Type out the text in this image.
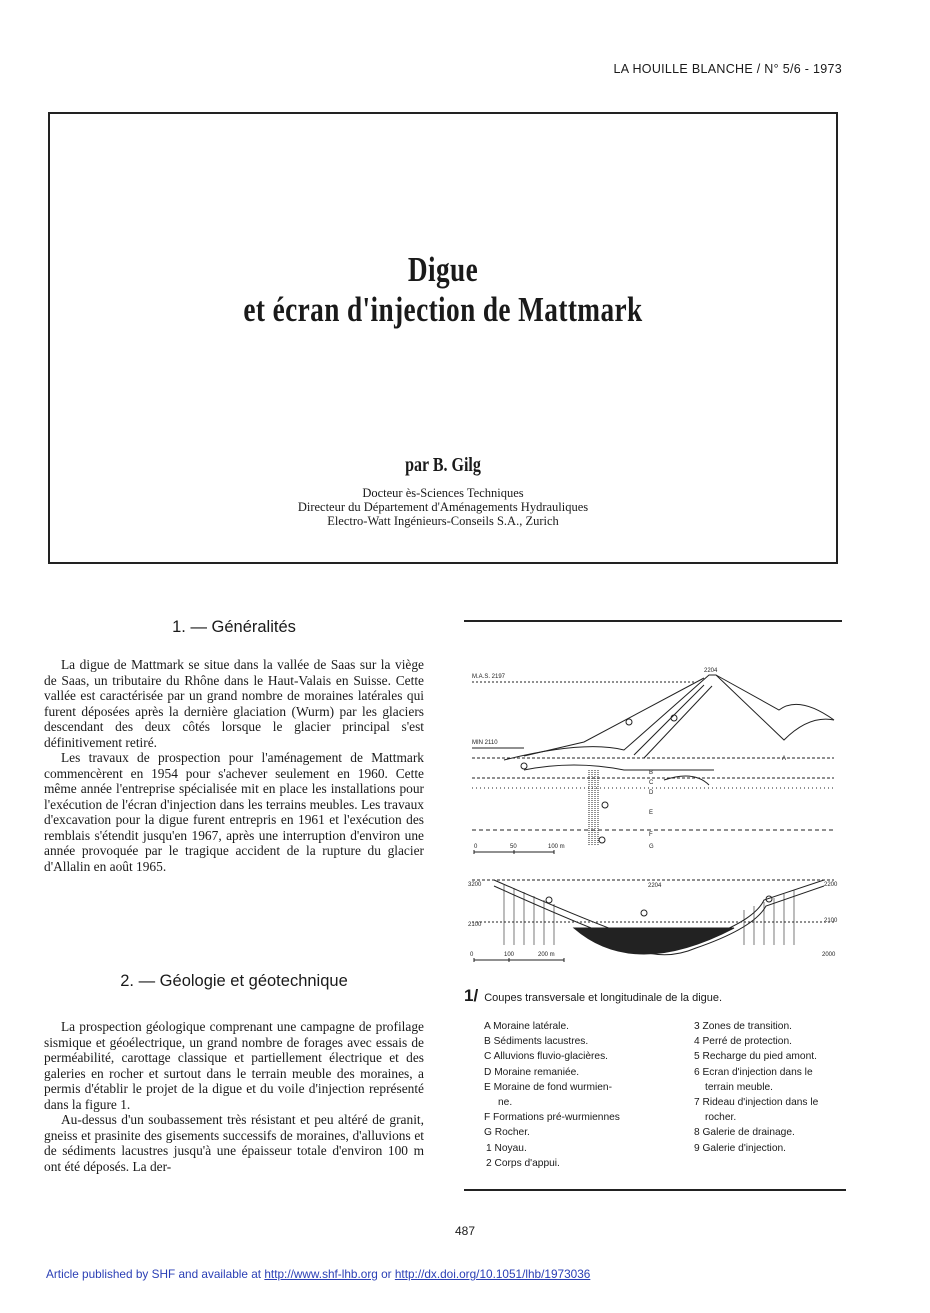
LA HOUILLE BLANCHE / N° 5/6 - 1973
Digue
et écran d'injection de Mattmark
par B. Gilg
Docteur ès-Sciences Techniques
Directeur du Département d'Aménagements Hydrauliques
Electro-Watt Ingénieurs-Conseils S.A., Zurich
1. — Généralités

La digue de Mattmark se situe dans la vallée de Saas sur la viège de Saas, un tributaire du Rhône dans le Haut-Valais en Suisse. Cette vallée est caractérisée par un grand nombre de moraines latérales qui furent déposées après la dernière glaciation (Wurm) par les glaciers descendant des deux côtés lorsque le glacier principal s'est définitivement retiré.

Les travaux de prospection pour l'aménagement de Mattmark commencèrent en 1954 pour s'achever seulement en 1960. Cette même année l'entreprise spécialisée mit en place les installations pour l'exécution de l'écran d'injection dans les terrains meubles. Les travaux d'excavation pour la digue furent entrepris en 1961 et l'exécution des remblais s'étendit jusqu'en 1967, après une interruption d'environ une année provoquée par le tragique accident de la rupture du glacier d'Allalin en août 1965.

2. — Géologie et géotechnique

La prospection géologique comprenant une campagne de profilage sismique et géoélectrique, un grand nombre de forages avec essais de perméabilité, carottage classique et partiellement électrique et des galeries en rocher et surtout dans le terrain meuble des moraines, a permis d'établir le projet de la digue et du voile d'injection représenté dans la figure 1.

Au-dessus d'un soubassement très résistant et peu altéré de granit, gneiss et prasinite des gisements successifs de moraines, d'alluvions et de sédiments lacustres jusqu'à une épaisseur totale d'environ 100 m ont été déposés. La der-

M.A.S. 2197
MIN 2110
2204
A
B
C
D
E
F
G
0	50	100 m
3200
2100
2204	2200
2100
2000
0	100	200 m
1/ Coupes transversale et longitudinale de la digue.
A Moraine latérale.
B Sédiments lacustres.
C Alluvions fluvio-glacières.
D Moraine remaniée.
E Moraine de fond wurmien-
ne.
F Formations pré-wurmiennes
G Rocher.
1 Noyau.
2 Corps d'appui.
3 Zones de transition.
4 Perré de protection.
5 Recharge du pied amont.
6 Ecran d'injection dans le
terrain meuble.
7 Rideau d'injection dans le
rocher.
8 Galerie de drainage.
9 Galerie d'injection.
487
Article published by SHF and available at http://www.shf-lhb.org or http://dx.doi.org/10.1051/lhb/1973036
